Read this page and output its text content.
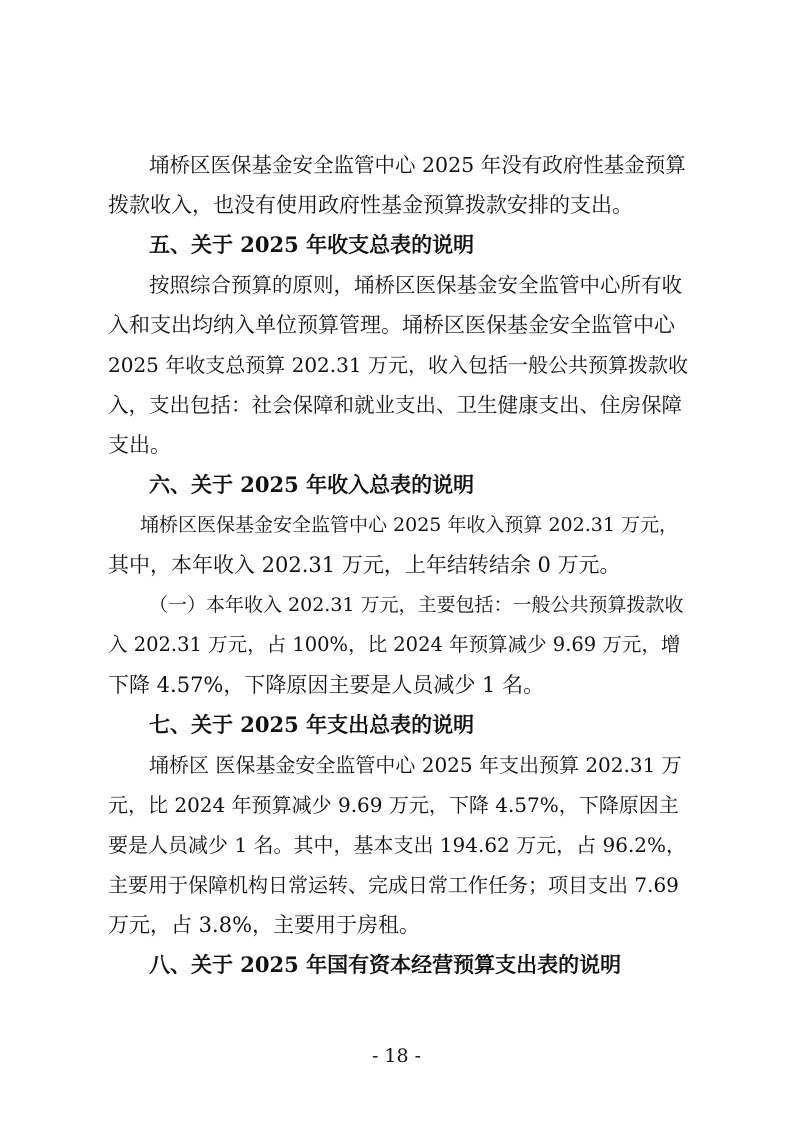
埇桥区医保基金安全监管中心 2025 年没有政府性基金预算
拨款收入，也没有使用政府性基金预算拨款安排的支出。
五、关于 2025 年收支总表的说明
按照综合预算的原则，埇桥区医保基金安全监管中心所有收
入和支出均纳入单位预算管理。埇桥区医保基金安全监管中心
2025 年收支总预算 202.31 万元，收入包括一般公共预算拨款收
入，支出包括：社会保障和就业支出、卫生健康支出、住房保障
支出。
六、关于 2025 年收入总表的说明
埇桥区医保基金安全监管中心 2025 年收入预算 202.31 万元，
其中，本年收入 202.31 万元，上年结转结余 0 万元。
（一）本年收入 202.31 万元，主要包括：一般公共预算拨款收
入 202.31 万元，占 100%，比 2024 年预算减少 9.69 万元，增
下降 4.57%，下降原因主要是人员减少 1 名。
七、关于 2025 年支出总表的说明
埇桥区 医保基金安全监管中心 2025 年支出预算 202.31 万
元，比 2024 年预算减少 9.69 万元，下降 4.57%，下降原因主
要是人员减少 1 名。其中，基本支出 194.62 万元，占 96.2%，
主要用于保障机构日常运转、完成日常工作任务；项目支出 7.69
万元，占 3.8%，主要用于房租。
八、关于 2025 年国有资本经营预算支出表的说明
- 18 -
